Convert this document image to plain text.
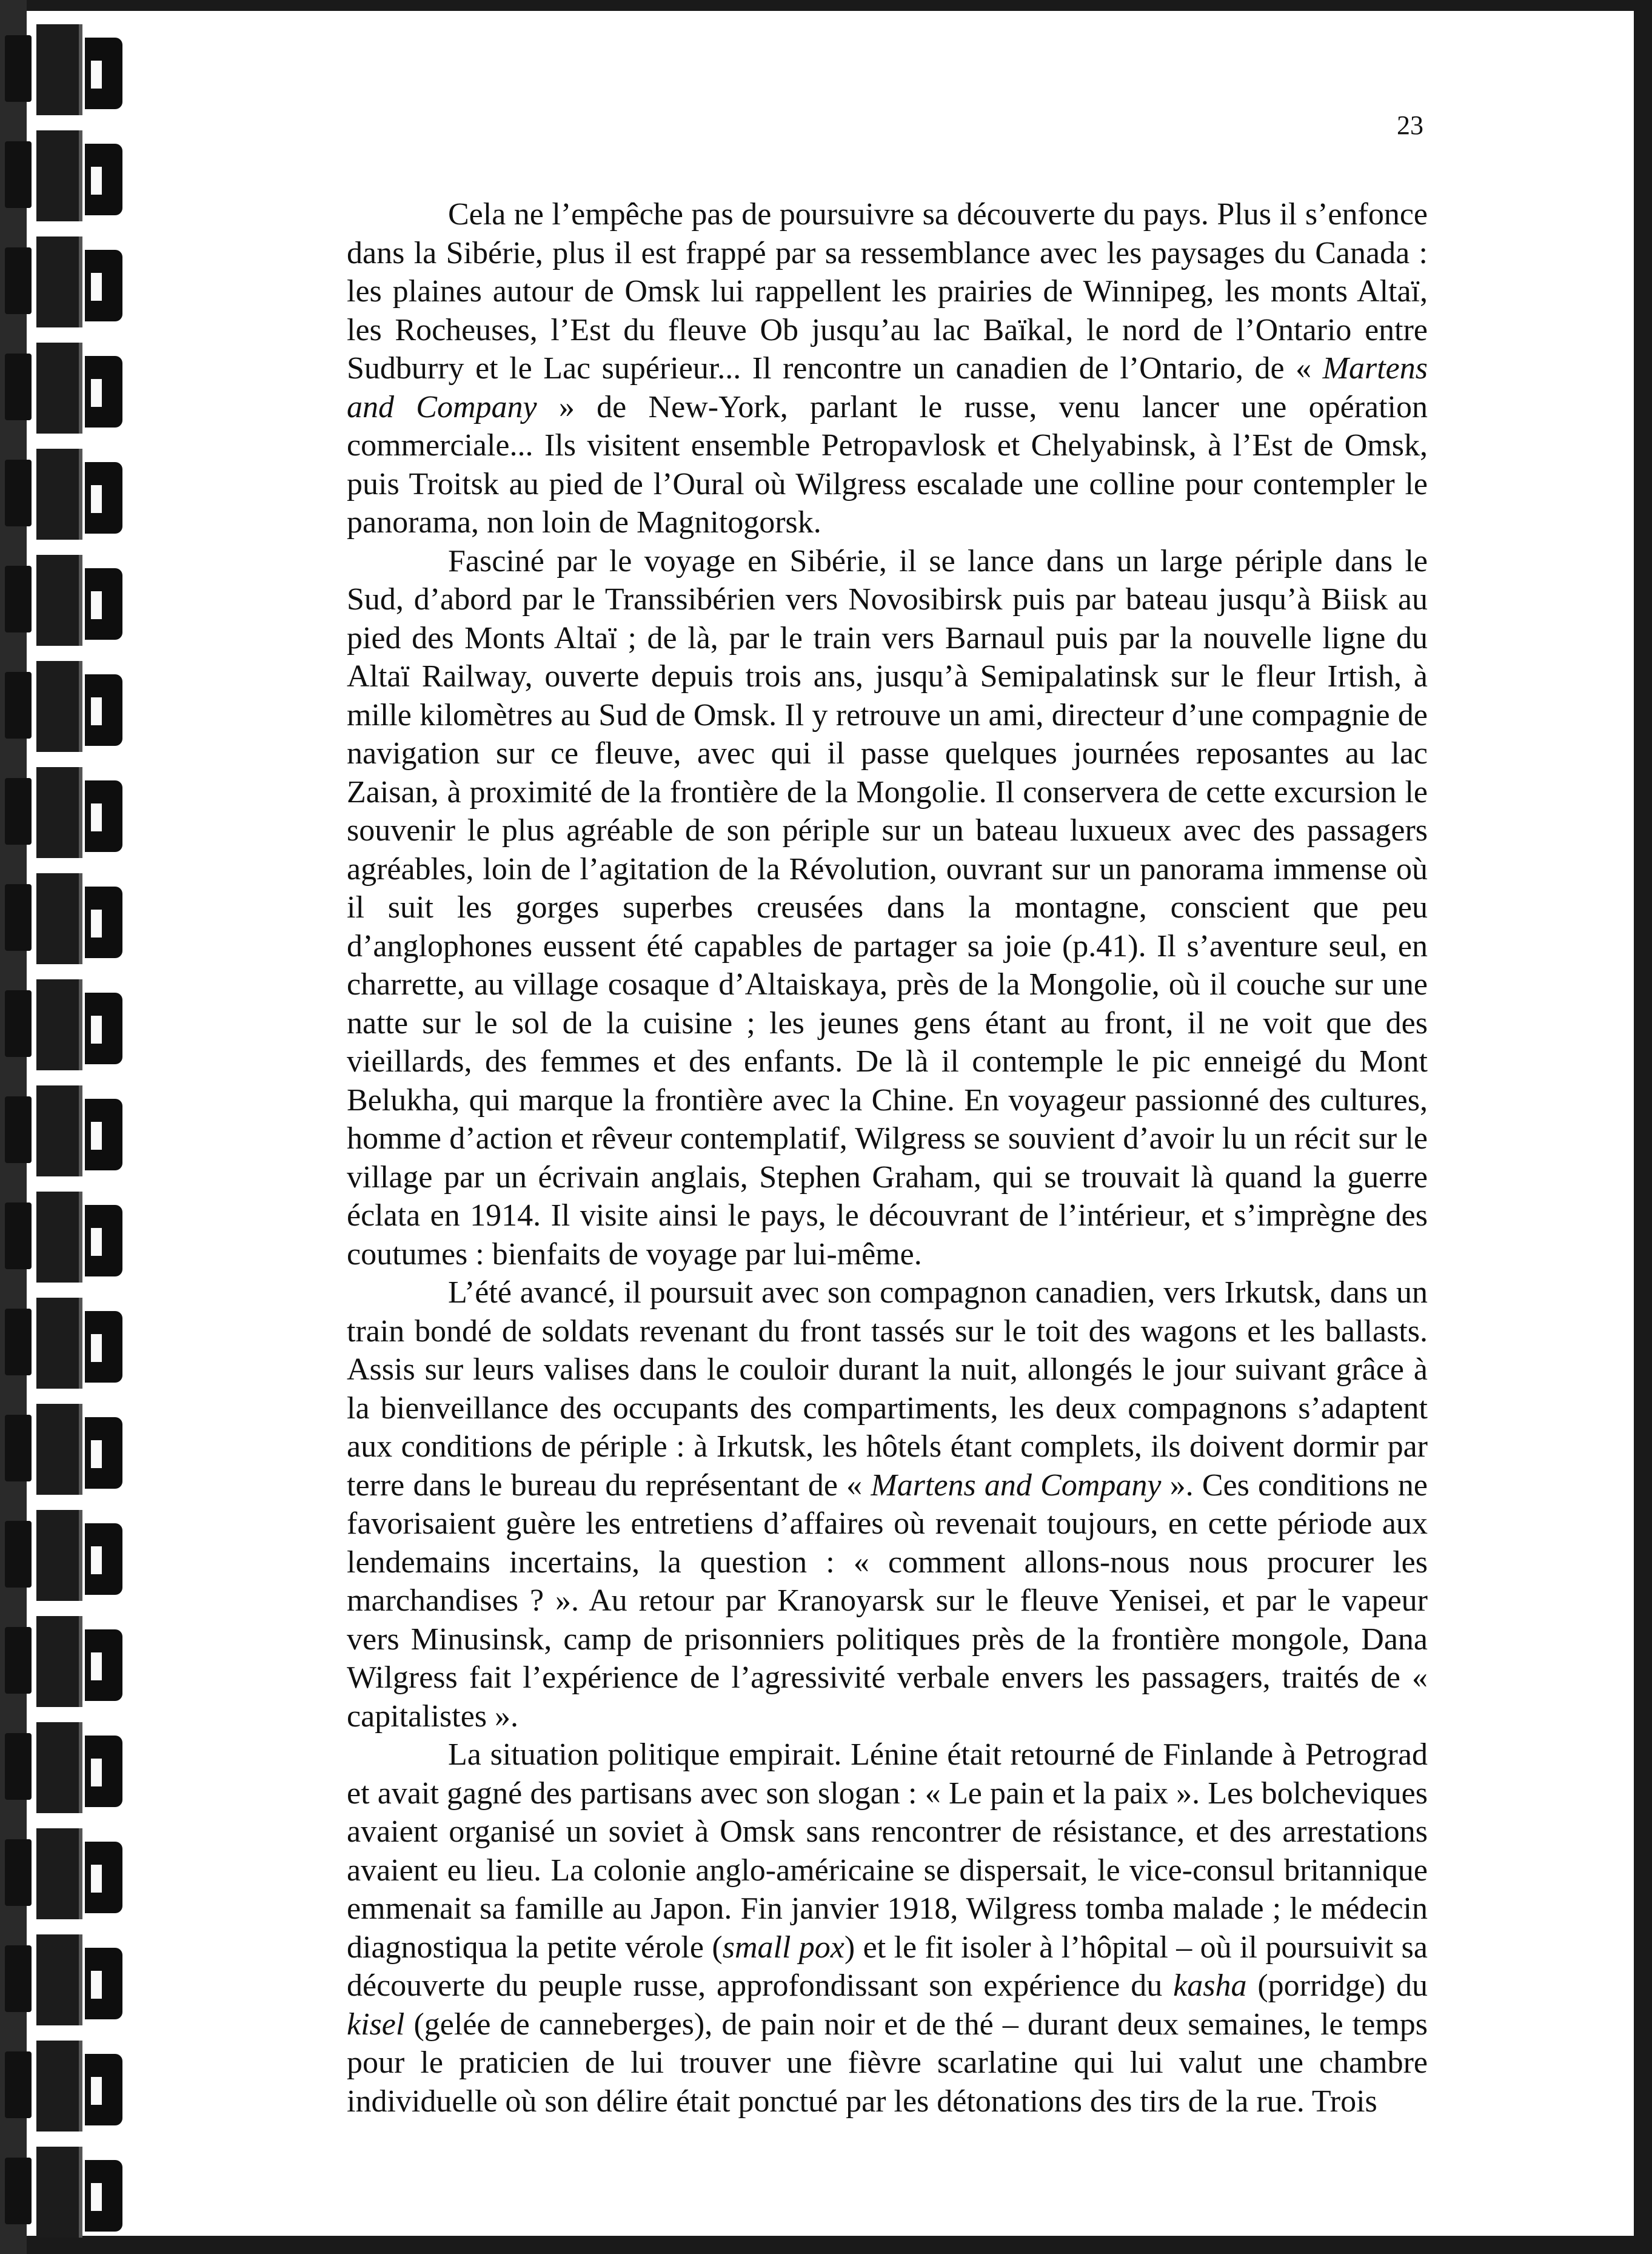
23

Cela ne l’empêche pas de poursuivre sa découverte du pays. Plus il s’enfonce dans la Sibérie, plus il est frappé par sa ressemblance avec les paysages du Canada : les plaines autour de Omsk lui rappellent les prairies de Winnipeg, les monts Altaï, les Rocheuses, l’Est du fleuve Ob jusqu’au lac Baïkal, le nord de l’Ontario entre Sudburry et le Lac supérieur... Il rencontre un canadien de l’Ontario, de « Martens and Company » de New-York, parlant le russe, venu lancer une opération commerciale... Ils visitent ensemble Petropavlosk et Chelyabinsk, à l’Est de Omsk, puis Troitsk au pied de l’Oural où Wilgress escalade une colline pour contempler le panorama, non loin de Magnitogorsk.

Fasciné par le voyage en Sibérie, il se lance dans un large périple dans le Sud, d’abord par le Transsibérien vers Novosibirsk puis par bateau jusqu’à Biisk au pied des Monts Altaï ; de là, par le train vers Barnaul puis par la nouvelle ligne du Altaï Railway, ouverte depuis trois ans, jusqu’à Semipalatinsk sur le fleur Irtish, à mille kilomètres au Sud de Omsk. Il y retrouve un ami, directeur d’une compagnie de navigation sur ce fleuve, avec qui il passe quelques journées reposantes au lac Zaisan, à proximité de la frontière de la Mongolie. Il conservera de cette excursion le souvenir le plus agréable de son périple sur un bateau luxueux avec des passagers agréables, loin de l’agitation de la Révolution, ouvrant sur un panorama immense où il suit les gorges superbes creusées dans la montagne, conscient que peu d’anglophones eussent été capables de partager sa joie (p.41). Il s’aventure seul, en charrette, au village cosaque d’Altaiskaya, près de la Mongolie, où il couche sur une natte sur le sol de la cuisine ; les jeunes gens étant au front, il ne voit que des vieillards, des femmes et des enfants. De là il contemple le pic enneigé du Mont Belukha, qui marque la frontière avec la Chine. En voyageur passionné des cultures, homme d’action et rêveur contemplatif, Wilgress se souvient d’avoir lu un récit sur le village par un écrivain anglais, Stephen Graham, qui se trouvait là quand la guerre éclata en 1914. Il visite ainsi le pays, le découvrant de l’intérieur, et s’imprègne des coutumes : bienfaits de voyage par lui-même.

L’été avancé, il poursuit avec son compagnon canadien, vers Irkutsk, dans un train bondé de soldats revenant du front tassés sur le toit des wagons et les ballasts. Assis sur leurs valises dans le couloir durant la nuit, allongés le jour suivant grâce à la bienveillance des occupants des compartiments, les deux compagnons s’adaptent aux conditions de périple : à Irkutsk, les hôtels étant complets, ils doivent dormir par terre dans le bureau du représentant de « Martens and Company ». Ces conditions ne favorisaient guère les entretiens d’affaires où revenait toujours, en cette période aux lendemains incertains, la question : « comment allons-nous nous procurer les marchandises ? ». Au retour par Kranoyarsk sur le fleuve Yenisei, et par le vapeur vers Minusinsk, camp de prisonniers politiques près de la frontière mongole, Dana Wilgress fait l’expérience de l’agressivité verbale envers les passagers, traités de « capitalistes ».

La situation politique empirait. Lénine était retourné de Finlande à Petrograd et avait gagné des partisans avec son slogan : « Le pain et la paix ». Les bolcheviques avaient organisé un soviet à Omsk sans rencontrer de résistance, et des arrestations avaient eu lieu. La colonie anglo-américaine se dispersait, le vice-consul britannique emmenait sa famille au Japon. Fin janvier 1918, Wilgress tomba malade ; le médecin diagnostiqua la petite vérole (small pox) et le fit isoler à l’hôpital – où il poursuivit sa découverte du peuple russe, approfondissant son expérience du kasha (porridge) du kisel (gelée de canneberges), de pain noir et de thé – durant deux semaines, le temps pour le praticien de lui trouver une fièvre scarlatine qui lui valut une chambre individuelle où son délire était ponctué par les détonations des tirs de la rue. Trois
